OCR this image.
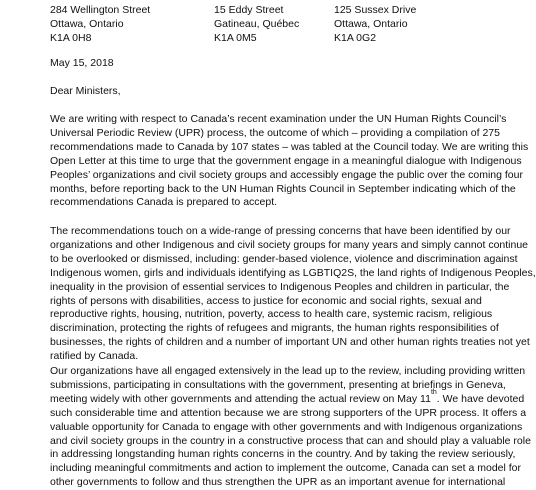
284 Wellington Street
Ottawa, Ontario
K1A 0H8
15 Eddy Street
Gatineau, Québec
K1A 0M5
125 Sussex Drive
Ottawa, Ontario
K1A 0G2
May 15, 2018
Dear Ministers,
We are writing with respect to Canada’s recent examination under the UN Human Rights Council’s
Universal Periodic Review (UPR) process, the outcome of which – providing a compilation of 275
recommendations made to Canada by 107 states – was tabled at the Council today. We are writing this
Open Letter at this time to urge that the government engage in a meaningful dialogue with Indigenous
Peoples’ organizations and civil society groups and accessibly engage the public over the coming four
months, before reporting back to the UN Human Rights Council in September indicating which of the
recommendations Canada is prepared to accept.
The recommendations touch on a wide-range of pressing concerns that have been identified by our
organizations and other Indigenous and civil society groups for many years and simply cannot continue
to be overlooked or dismissed, including: gender-based violence, violence and discrimination against
Indigenous women, girls and individuals identifying as LGBTIQ2S, the land rights of Indigenous Peoples,
inequality in the provision of essential services to Indigenous Peoples and children in particular, the
rights of persons with disabilities, access to justice for economic and social rights, sexual and
reproductive rights, housing, nutrition, poverty, access to health care, systemic racism, religious
discrimination, protecting the rights of refugees and migrants, the human rights responsibilities of
businesses, the rights of children and a number of important UN and other human rights treaties not yet
ratified by Canada.
Our organizations have all engaged extensively in the lead up to the review, including providing written
submissions, participating in consultations with the government, presenting at briefings in Geneva,
meeting widely with other governments and attending the actual review on May 11th. We have devoted
such considerable time and attention because we are strong supporters of the UPR process. It offers a
valuable opportunity for Canada to engage with other governments and with Indigenous organizations
and civil society groups in the country in a constructive process that can and should play a valuable role
in addressing longstanding human rights concerns in the country. And by taking the review seriously,
including meaningful commitments and action to implement the outcome, Canada can set a model for
other governments to follow and thus strengthen the UPR as an important avenue for international
